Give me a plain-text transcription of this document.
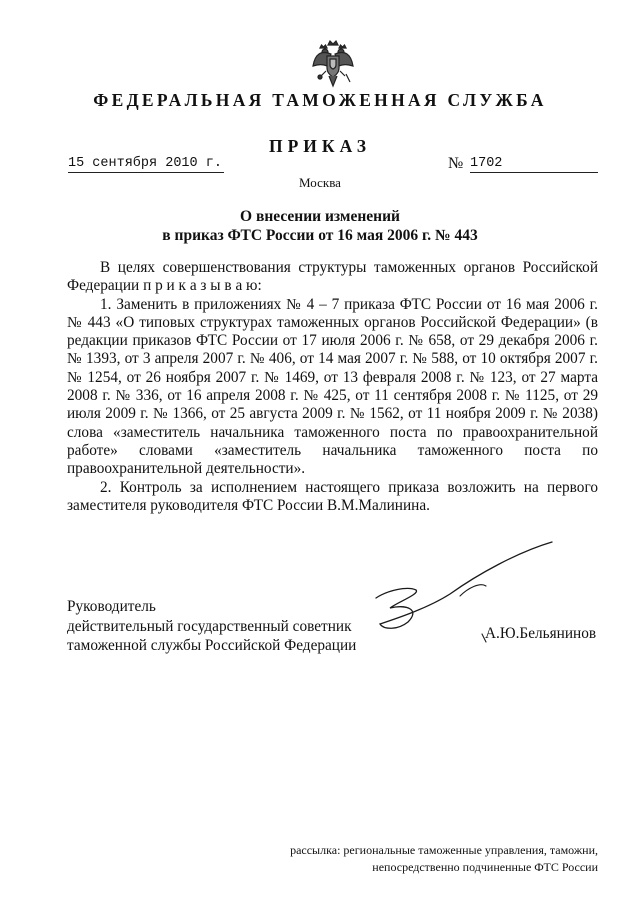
ФЕДЕРАЛЬНАЯ ТАМОЖЕННАЯ СЛУЖБА
ПРИКАЗ
15 сентября 2010 г.	№ 1702
Москва
О внесении изменений
в приказ ФТС России от 16 мая 2006 г. № 443

В целях совершенствования структуры таможенных органов Российской Федерации п р и к а з ы в а ю:

1. Заменить в приложениях № 4 – 7 приказа ФТС России от 16 мая 2006 г. № 443 «О типовых структурах таможенных органов Российской Федерации» (в редакции приказов ФТС России от 17 июля 2006 г. № 658, от 29 декабря 2006 г. № 1393, от 3 апреля 2007 г. № 406, от 14 мая 2007 г. № 588, от 10 октября 2007 г. № 1254, от 26 ноября 2007 г. № 1469, от 13 февраля 2008 г. № 123, от 27 марта 2008 г. № 336, от 16 апреля 2008 г. № 425, от 11 сентября 2008 г. № 1125, от 29 июля 2009 г. № 1366, от 25 августа 2009 г. № 1562, от 11 ноября 2009 г. № 2038) слова «заместитель начальника таможенного поста по правоохранительной работе» словами «заместитель начальника таможенного поста по правоохранительной деятельности».

2. Контроль за исполнением настоящего приказа возложить на первого заместителя руководителя ФТС России В.М.Малинина.

Руководитель
действительный государственный советник
таможенной службы Российской Федерации
А.Ю.Бельянинов
рассылка: региональные таможенные управления, таможни,
непосредственно подчиненные ФТС России
